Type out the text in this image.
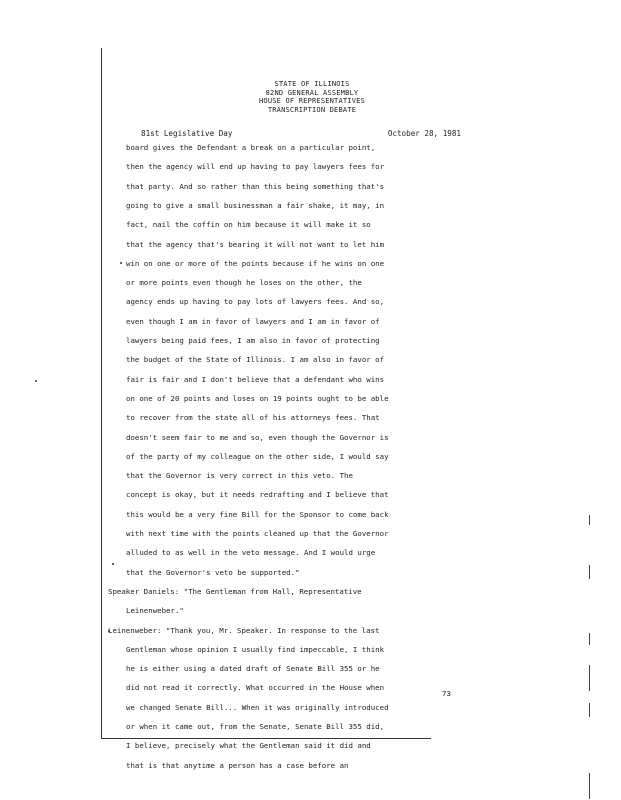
STATE OF ILLINOIS
82ND GENERAL ASSEMBLY
HOUSE OF REPRESENTATIVES
TRANSCRIPTION DEBATE
81st Legislative Day	October 28, 1981
board gives the Defendant a break on a particular point,
then the agency will end up having to pay lawyers fees for
that party. And so rather than this being something that's
going to give a small businessman a fair shake, it may, in
fact, nail the coffin on him because it will make it so
that the agency that's bearing it will not want to let him
win on one or more of the points because if he wins on one
or more points even though he loses on the other, the
agency ends up having to pay lots of lawyers fees. And so,
even though I am in favor of lawyers and I am in favor of
lawyers being paid fees, I am also in favor of protecting
the budget of the State of Illinois. I am also in favor of
fair is fair and I don't believe that a defendant who wins
on one of 20 points and loses on 19 points ought to be able
to recover from the state all of his attorneys fees. That
doesn't seem fair to me and so, even though the Governor is
of the party of my colleague on the other side, I would say
that the Governor is very correct in this veto. The
concept is okay, but it needs redrafting and I believe that
this would be a very fine Bill for the Sponsor to come back
with next time with the points cleaned up that the Governor
alluded to as well in the veto message. And I would urge
that the Governor's veto be supported."
Speaker Daniels: "The Gentleman from Hall, Representative
Leinenweber."
Leinenweber: "Thank you, Mr. Speaker. In response to the last
Gentleman whose opinion I usually find impeccable, I think
he is either using a dated draft of Senate Bill 355 or he
did not read it correctly. What occurred in the House when
we changed Senate Bill... When it was originally introduced
or when it came out, from the Senate, Senate Bill 355 did,
I believe, precisely what the Gentleman said it did and
that is that anytime a person has a case before an
73
